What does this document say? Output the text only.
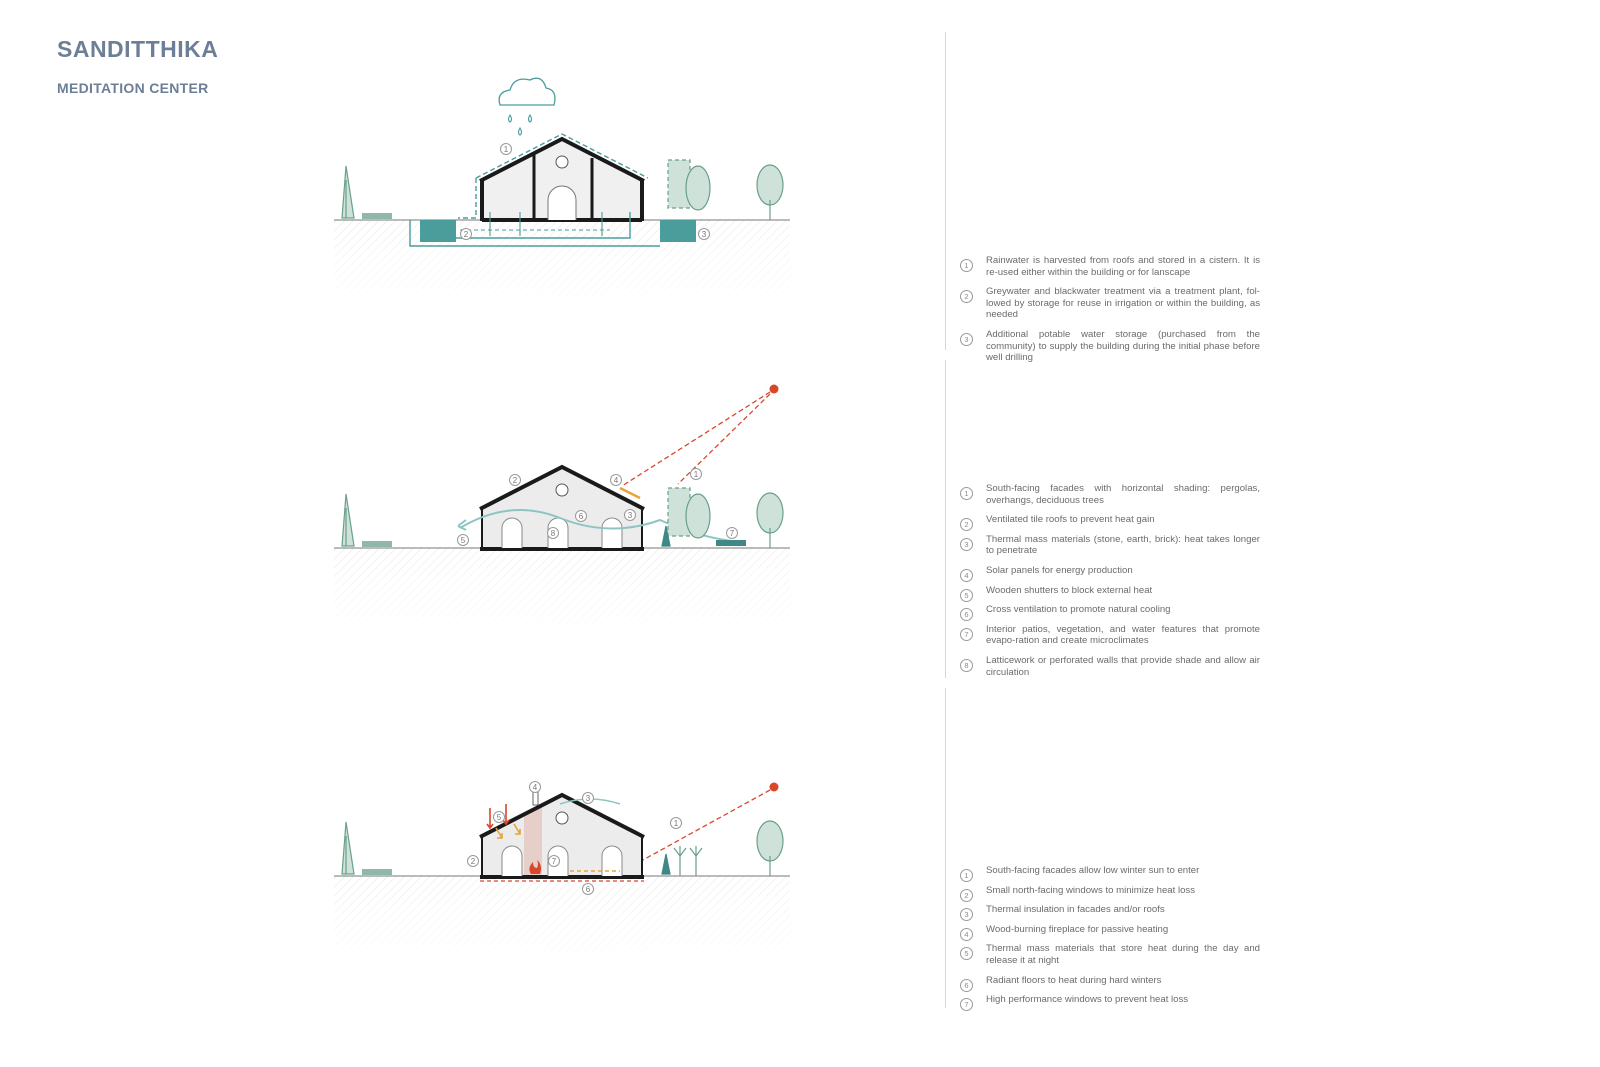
SANDITTHIKA
MEDITATION CENTER
1
2	3
1	Rainwater is harvested from roofs and stored in a cistern. It is re-used either within the building or for lanscape
2	Greywater and blackwater treatment via a treatment plant, fol-lowed by storage for reuse in irrigation or within the building, as needed
3	Additional potable water storage (purchased from the community) to supply the building during the initial phase before well drilling
1
2
3
4
5
6
7
8
1	South-facing facades with horizontal shading: pergolas, overhangs, deciduous trees
2	Ventilated tile roofs to prevent heat gain
3	Thermal mass materials (stone, earth, brick): heat takes longer to penetrate
4	Solar panels for energy production
5	Wooden shutters to block external heat
6	Cross ventilation to promote natural cooling
7	Interior patios, vegetation, and water features that promote evapo-ration and create microclimates
8	Latticework or perforated walls that provide shade and allow air circulation
1
2
3
4
5
6
7
1	South-facing facades allow low winter sun to enter
2	Small north-facing windows to minimize heat loss
3	Thermal insulation in facades and/or roofs
4	Wood-burning fireplace for passive heating
5	Thermal mass materials that store heat during the day and release it at night
6	Radiant floors to heat during hard winters
7	High performance windows to prevent heat loss
